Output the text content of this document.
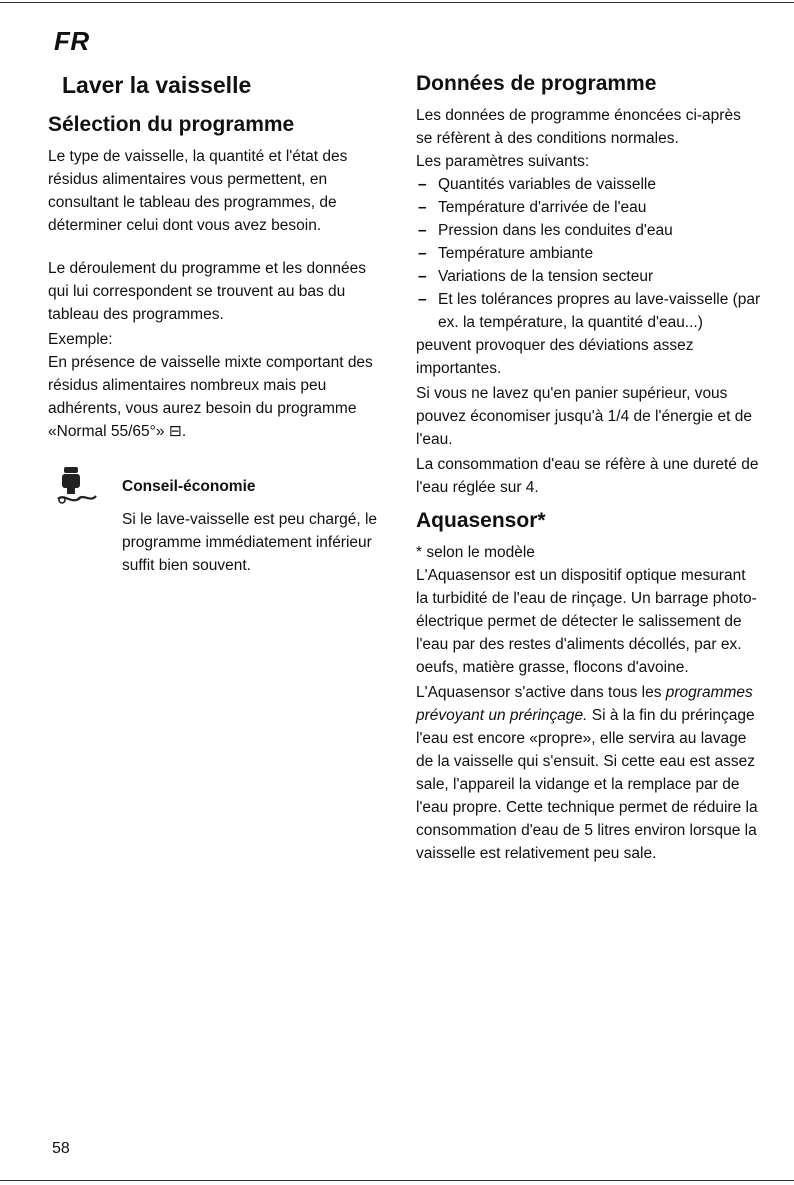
FR
Laver la vaisselle
Sélection du programme

Le type de vaisselle, la quantité et l'état des résidus alimentaires vous permettent, en consultant le tableau des programmes, de déterminer celui dont vous avez besoin.

Le déroulement du programme et les données qui lui correspondent se trouvent au bas du tableau des programmes.

Exemple:

En présence de vaisselle mixte comportant des résidus alimentaires nombreux mais peu adhérents, vous aurez besoin du programme «Normal 55/65°» ⊟.

Conseil-économie

Si le lave-vaisselle est peu chargé, le programme immédiatement inférieur suffit bien souvent.

Données de programme

Les données de programme énoncées ci-après se réfèrent à des conditions normales.

Les paramètres suivants:

– Quantités variables de vaisselle
– Température d'arrivée de l'eau
– Pression dans les conduites d'eau
– Température ambiante
– Variations de la tension secteur
– Et les tolérances propres au lave-vaisselle (par ex. la température, la quantité d'eau...)

peuvent provoquer des déviations assez importantes.

Si vous ne lavez qu'en panier supérieur, vous pouvez économiser jusqu'à 1/4 de l'énergie et de l'eau.

La consommation d'eau se réfère à une dureté de l'eau réglée sur 4.

Aquasensor*
* selon le modèle

L'Aquasensor est un dispositif optique mesurant la turbidité de l'eau de rinçage. Un barrage photo-électrique permet de détecter le salissement de l'eau par des restes d'aliments décollés, par ex. oeufs, matière grasse, flocons d'avoine.

L'Aquasensor s'active dans tous les programmes prévoyant un prérinçage. Si à la fin du prérinçage l'eau est encore «propre», elle servira au lavage de la vaisselle qui s'ensuit. Si cette eau est assez sale, l'appareil la vidange et la remplace par de l'eau propre. Cette technique permet de réduire la consommation d'eau de 5 litres environ lorsque la vaisselle est relativement peu sale.

58
